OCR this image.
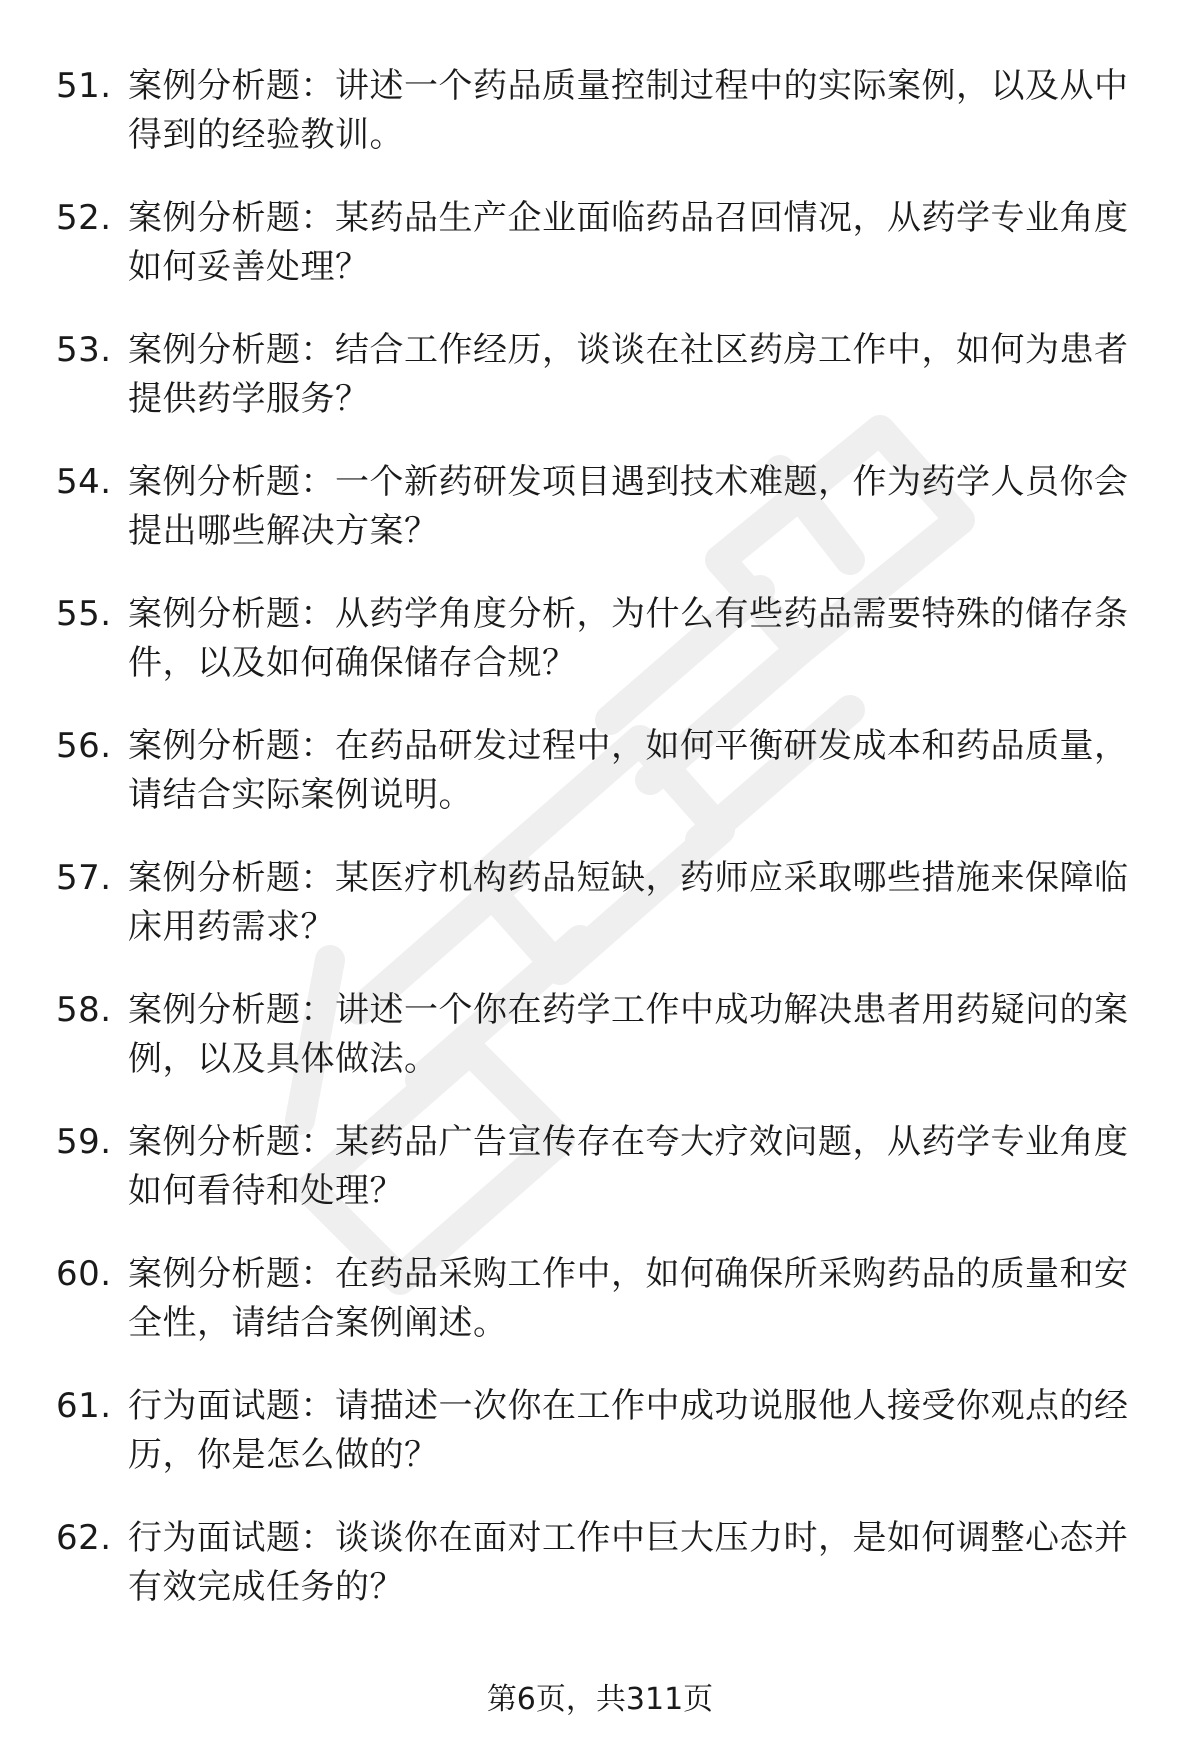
51. 案例分析题：讲述一个药品质量控制过程中的实际案例，以及从中得到的经验教训。
52. 案例分析题：某药品生产企业面临药品召回情况，从药学专业角度如何妥善处理？
53. 案例分析题：结合工作经历，谈谈在社区药房工作中，如何为患者提供药学服务？
54. 案例分析题：一个新药研发项目遇到技术难题，作为药学人员你会提出哪些解决方案？
55. 案例分析题：从药学角度分析，为什么有些药品需要特殊的储存条件，以及如何确保储存合规？
56. 案例分析题：在药品研发过程中，如何平衡研发成本和药品质量，请结合实际案例说明。
57. 案例分析题：某医疗机构药品短缺，药师应采取哪些措施来保障临床用药需求？
58. 案例分析题：讲述一个你在药学工作中成功解决患者用药疑问的案例，以及具体做法。
59. 案例分析题：某药品广告宣传存在夸大疗效问题，从药学专业角度如何看待和处理？
60. 案例分析题：在药品采购工作中，如何确保所采购药品的质量和安全性，请结合案例阐述。
61. 行为面试题：请描述一次你在工作中成功说服他人接受你观点的经历，你是怎么做的？
62. 行为面试题：谈谈你在面对工作中巨大压力时，是如何调整心态并有效完成任务的？
第6页，共311页
